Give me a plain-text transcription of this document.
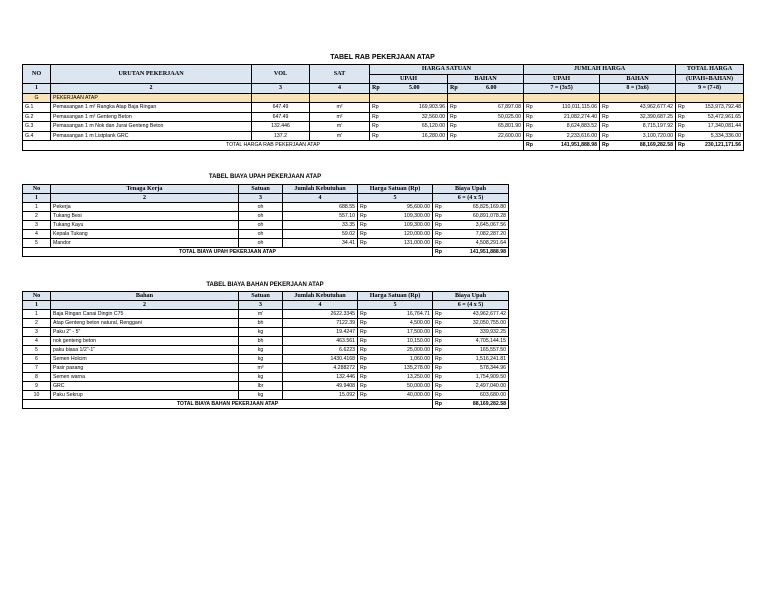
TABEL RAB PEKERJAAN ATAP
NO	URUTAN PEKERJAAN	VOL	SAT	HARGA SATUAN				JUMLAH HARGA				TOTAL HARGA	
				UPAH		BAHAN		UPAH		BAHAN		(UPAH+BAHAN)	
1	2	3	4	Rp	5.00	Rp	6.00	7 = (3x5)		8 = (3x6)		9 = (7+8)	
G	PEKERJAAN ATAP												
G.1	Pemasangan 1 m² Rangka Atap Baja Ringan	647.49	m²	Rp	169,903.96	Rp	67,897.08	Rp	110,011,115.06	Rp	43,962,677.42	Rp	153,973,792.48
G.2	Pemasangan 1 m² Genteng Beton	647.49	m²	Rp	32,560.00	Rp	50,025.00	Rp	21,082,274.40	Rp	32,390,687.25	Rp	53,472,961.65
G.3	Pemasangan 1 m Nok dan Jurai Genteng Beton	132.446	m'	Rp	65,120.00	Rp	65,801.90	Rp	8,624,883.52	Rp	8,715,197.92	Rp	17,340,081.44
G.4	Pemasangan 1 m Listplank GRC	137.2	m'	Rp	16,280.00	Rp	22,600.00	Rp	2,233,616.00	Rp	3,100,720.00	Rp	5,334,336.00
TOTAL HARGA RAB PEKERJAAN ATAP								Rp	141,951,888.98	Rp	88,169,282.58	Rp	230,121,171.56
TABEL BIAYA UPAH PEKERJAAN ATAP
No	Tenaga Kerja	Satuan	Jumlah Kebutuhan	Harga Satuan (Rp)		Biaya Upah	
1	2	3	4	5		6 = (4 x 5)	
1	Pekerja	oh	688.55	Rp	95,600.00	Rp	65,825,169.80
2	Tukang Besi	oh	557.10	Rp	109,300.00	Rp	60,891,078.28
3	Tukang Kayu	oh	33.35	Rp	109,300.00	Rp	3,645,067.56
4	Kepala Tukang	oh	59.02	Rp	120,000.00	Rp	7,082,287.20
5	Mandor	oh	34.41	Rp	131,000.00	Rp	4,508,291.64
TOTAL BIAYA UPAH PEKERJAAN ATAP						Rp	141,951,888.98
TABEL BIAYA BAHAN PEKERJAAN ATAP
No	Bahan	Satuan	Jumlah Kebutuhan	Harga Satuan (Rp)		Biaya Upah	
1	2	3	4	5		6 = (4 x 5)	
1	Baja Ringan Canai Dingin C75	m'	2622.3345	Rp	16,764.71	Rp	43,962,677.42
2	Atap Genteng beton natural, Renggani	bh	7122.39	Rp	4,500.00	Rp	32,050,755.00
3	Paku 2" - 5"	kg	19.4247	Rp	17,500.00	Rp	339,932.25
4	nok genteng beton	bh	463.561	Rp	10,150.00	Rp	4,705,144.15
5	paku biasa 1/2"-1"	kg	6.6223	Rp	25,000.00	Rp	165,557.50
6	Semen Holcim	kg	1430.4168	Rp	1,060.00	Rp	1,516,241.81
7	Pasir pasang	m³	4.288272	Rp	135,278.00	Rp	578,344.96
8	Semen warna	kg	132.446	Rp	13,250.00	Rp	1,754,909.50
9	GRC	lbr	49.9408	Rp	50,000.00	Rp	2,497,040.00
10	Paku Sekrup	kg	15.092	Rp	40,000.00	Rp	603,680.00
TOTAL BIAYA BAHAN PEKERJAAN ATAP						Rp	88,169,282.58
